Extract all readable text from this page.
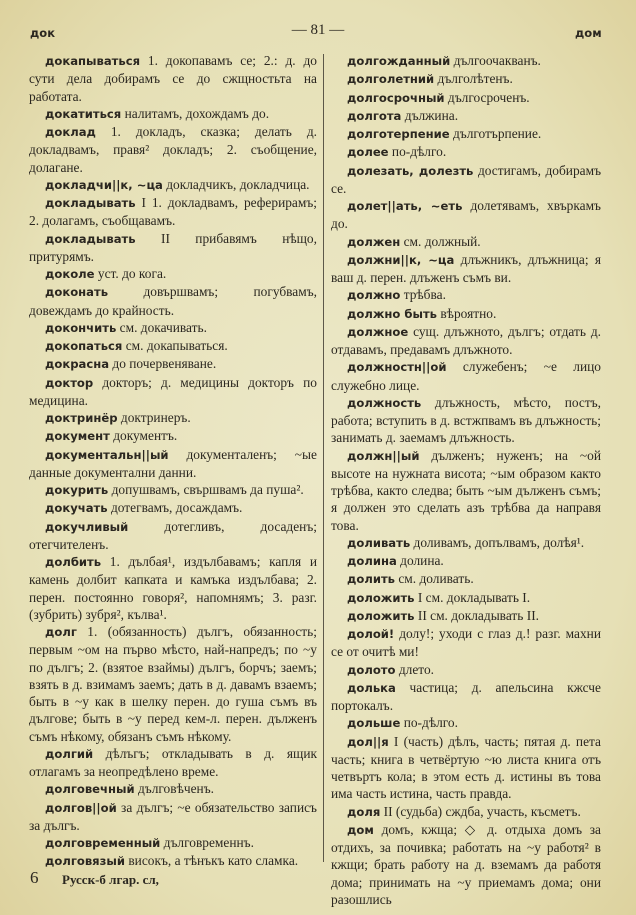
док	— 81 —	дом

докапываться 1. докопавамъ се; 2.: д. до сути дела добирамъ се до сжщностьта на работата.

докатиться налитамъ, дохождамъ до.

доклад 1. докладъ, сказка; делать д. докладвамъ, правя² докладъ; 2. съобщение, долагане.

докладчи||к, ~ца докладчикъ, докладчица.

докладывать I 1. докладвамъ, реферирамъ; 2. долагамъ, съобщавамъ.

докладывать II прибавямъ нѣщо, притурямъ.

доколе уст. до кога.

доконать	довършвамъ; погубвамъ, довеждамъ до крайность.

докончить см. докачивать.

докопаться см. докапываться.

докрасна до почервеняване.

доктор докторъ; д. медицины докторъ по медицина.

доктринёр доктринеръ.

документ документъ.

документальн||ый документаленъ; ~ые данные документални данни.

докурить допушвамъ, свършвамъ да пуша².

докучать дотегвамъ, досаждамъ.

докучливый	дотегливъ, досаденъ; отегчителенъ.

долбить 1. дълбая¹, издълбавамъ; капля и камень долбит капката и камъка издълбава; 2. перен. постоянно говоря², напомнямъ; 3. разг. (зубрить) зубря², кълва¹.

долг 1. (обязанность) дългъ, обязанность; первым ~ом на първо мѣсто, най-напредъ; по ~у по дългъ; 2. (взятое взаймы) дългъ, борчъ; заемъ; взять в д. взимамъ заемъ; дать в д. давамъ взаемъ; быть в ~у как в шелку перен. до гуша съмъ въ дългове; быть в ~у перед кем-л. перен. дълженъ съмъ нѣкому, обязанъ съмъ нѣкому.

долгий дѣлъгъ; откладывать в д. ящик отлагамъ за неопредѣлено време.

долговечный дълговѣченъ.

долгов||ой за дългъ; ~е обязательство записъ за дългъ.

долговременный дълговременнъ.

долговязый високъ, а тѣнъкъ като сламка.

долгожданный дългоочакванъ.

долголетний дълголѣтенъ.

долгосрочный дългосроченъ.

долгота дължина.

долготерпение дълготърпение.

долее по-дѣлго.

долезать, долезть достигамъ, добирамъ се.

долет||ать, ~еть долетявамъ, хвъркамъ до.

должен см. должный.

должни||к, ~ца длъжникъ, длъжница; я ваш д. перен. длъженъ съмъ ви.

должно трѣбва.

должно быть вѣроятно.

должное сущ. длъжното, дългъ; отдать д. отдавамъ, предавамъ длъжното.

должностн||ой служебенъ; ~е лицо служебно лице.

должность длъжность, мѣсто, постъ, работа; вступить в д. встжпвамъ въ длъжность; занимать д. заемамъ длъжность.

должн||ый дълженъ; нуженъ; на ~ой высоте на нужната висота; ~ым образом както трѣбва, както следва; быть ~ым дълженъ съмъ; я должен это сделать азъ трѣбва да направя това.

доливать доливамъ, допълвамъ, долѣя¹.

долина долина.

долить см. доливать.

доложить I см. докладывать I.

доложить II см. докладывать II.

долой! долу!; уходи с глаз д.! разг. махни се от очитѣ ми!

долото длето.

долька частица; д. апельсина кжсче портокалъ.

дольше по-дѣлго.

дол||я I (часть) дѣлъ, часть; пятая д. пета часть; книга в четвёртую ~ю листа книга отъ четвъртъ кола; в этом есть д. истины въ това има часть истина, часть правда.

доля II (судьба) сждба, участь, късметъ.

дом домъ, кжща; ◇ д. отдыха домъ за отдихъ, за почивка; работать на ~у работя² в кжщи; брать работу на д. вземамъ да работя дома; принимать на ~у приемамъ дома; они разошлись

6 Русск-б лгар. сл,
